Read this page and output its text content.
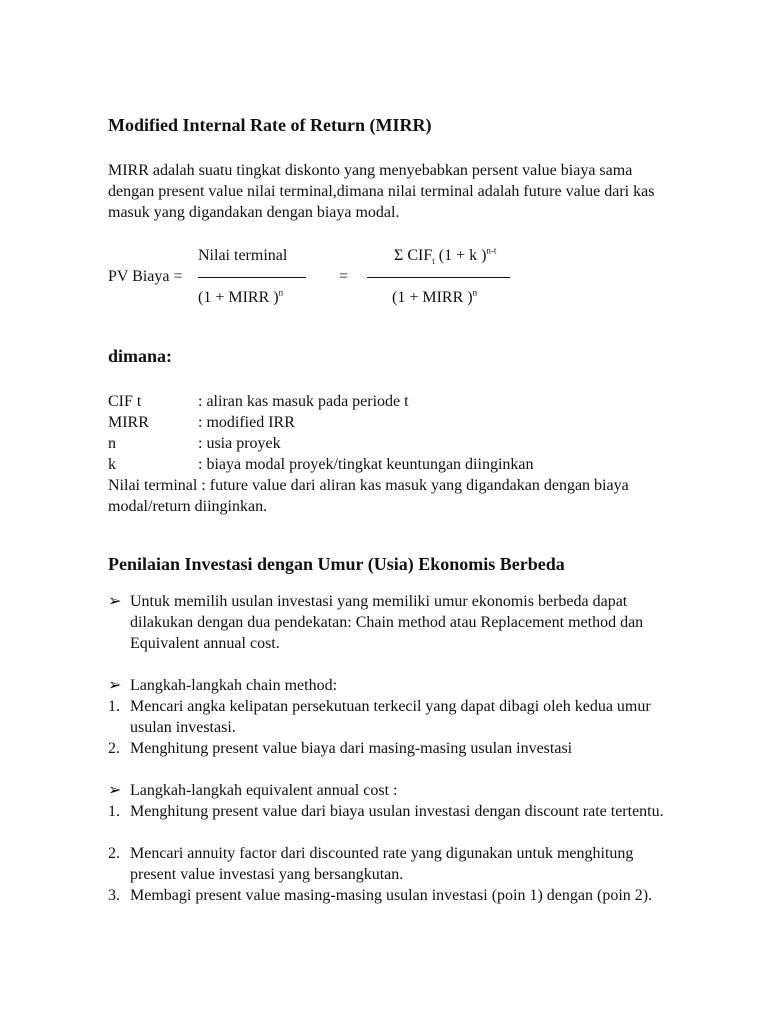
Modified Internal Rate of Return (MIRR)

MIRR adalah suatu tingkat diskonto yang menyebabkan persent value biaya sama dengan present value nilai terminal,dimana nilai terminal adalah future value dari kas masuk yang digandakan dengan biaya modal.

PV Biaya =
Nilai terminal
(1 + MIRR )$^n$
=
Σ $CIF_t$ (1 + k )$^{n-t}$
(1 + MIRR )$^n$
dimana:
CIF t	: aliran kas masuk pada periode t
MIRR	: modified IRR
n	: usia proyek
k	: biaya modal proyek/tingkat keuntungan diinginkan

Nilai terminal : future value dari aliran kas masuk yang digandakan dengan biaya modal/return diinginkan.

Penilaian Investasi dengan Umur (Usia) Ekonomis Berbeda
➢ Untuk memilih usulan investasi yang memiliki umur ekonomis berbeda dapat dilakukan dengan dua pendekatan: Chain method atau Replacement method dan Equivalent annual cost.

➢ Langkah-langkah chain method:

1. Mencari angka kelipatan persekutuan terkecil yang dapat dibagi oleh kedua umur usulan investasi.

2. Menghitung present value biaya dari masing-masing usulan investasi

➢ Langkah-langkah equivalent annual cost :

1. Menghitung present value dari biaya usulan investasi dengan discount rate tertentu.

2. Mencari annuity factor dari discounted rate yang digunakan untuk menghitung present value investasi yang bersangkutan.

3. Membagi present value masing-masing usulan investasi (poin 1) dengan (poin 2).
